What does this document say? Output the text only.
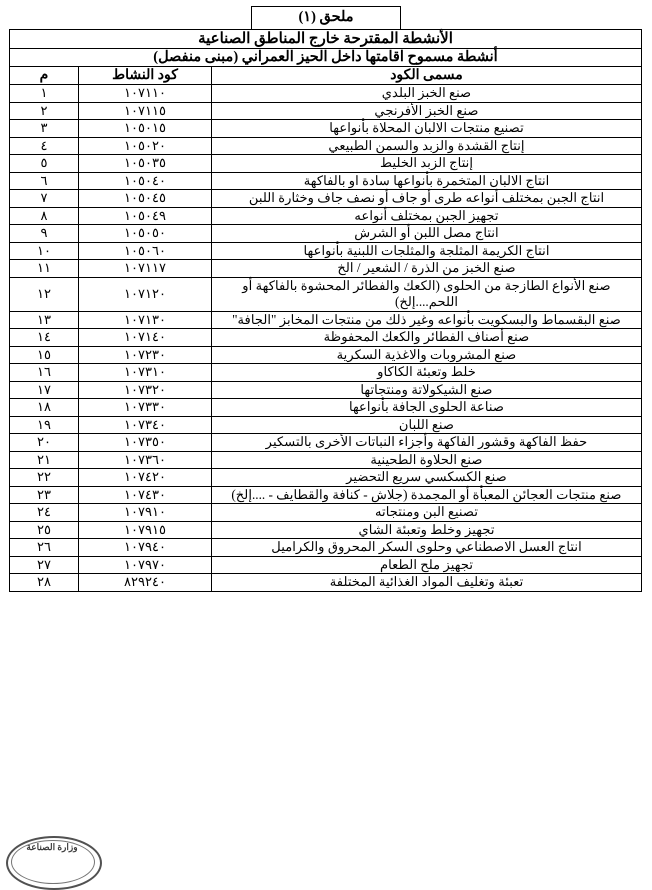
ملحق (١)
الأنشطة المقترحة خارج المناطق الصناعية		
أنشطة مسموح اقامتها داخل الحيز العمراني (مبنى منفصل)		
مسمى الكود	كود النشاط	م
صنع الخبز البلدي	١٠٧١١٠	١
صنع الخبز الأفرنجي	١٠٧١١٥	٢
تصنيع منتجات الالبان المحلاة بأنواعها	١٠٥٠١٥	٣
إنتاج القشدة والزبد والسمن الطبيعي	١٠٥٠٢٠	٤
إنتاج الزبد الخليط	١٠٥٠٣٥	٥
انتاج الالبان المتخمرة بأنواعها سادة او بالفاكهة	١٠٥٠٤٠	٦
انتاج الجبن بمختلف أنواعه طرى أو جاف أو نصف جاف وخثارة اللبن	١٠٥٠٤٥	٧
تجهيز الجبن بمختلف أنواعه	١٠٥٠٤٩	٨
انتاج مصل اللبن أو الشرش	١٠٥٠٥٠	٩
انتاج الكريمة المثلجة والمثلجات اللبنية بأنواعها	١٠٥٠٦٠	١٠
صنع الخبز من الذرة / الشعير / الخ	١٠٧١١٧	١١
صنع الأنواع الطازجة من الحلوى (الكعك والفطائر المحشوة بالفاكهة أو اللحم....إلخ)	١٠٧١٢٠	١٢
صنع البقسماط والبسكويت بأنواعه وغير ذلك من منتجات المخابز "الجافة"	١٠٧١٣٠	١٣
صنع أصناف الفطائر والكعك المحفوظة	١٠٧١٤٠	١٤
صنع المشروبات والاغذية السكرية	١٠٧٢٣٠	١٥
خلط وتعبئة الكاكاو	١٠٧٣١٠	١٦
صنع الشيكولاتة ومنتجاتها	١٠٧٣٢٠	١٧
صناعة الحلوى الجافة بأنواعها	١٠٧٣٣٠	١٨
صنع اللبان	١٠٧٣٤٠	١٩
حفظ الفاكهة وقشور الفاكهة وأجزاء النباتات الأخرى بالتسكير	١٠٧٣٥٠	٢٠
صنع الحلاوة الطحينية	١٠٧٣٦٠	٢١
صنع الكسكسي سريع التحضير	١٠٧٤٢٠	٢٢
صنع منتجات العجائن المعبأة أو المجمدة (جلاش - كنافة والقطايف - ....إلخ)	١٠٧٤٣٠	٢٣
تصنيع البن ومنتجاته	١٠٧٩١٠	٢٤
تجهيز وخلط وتعبئة الشاي	١٠٧٩١٥	٢٥
انتاج العسل الاصطناعي وحلوى السكر المحروق والكراميل	١٠٧٩٤٠	٢٦
تجهيز ملح الطعام	١٠٧٩٧٠	٢٧
تعبئة وتغليف المواد الغذائية المختلفة	٨٢٩٢٤٠	٢٨
وزارة الصناعة
